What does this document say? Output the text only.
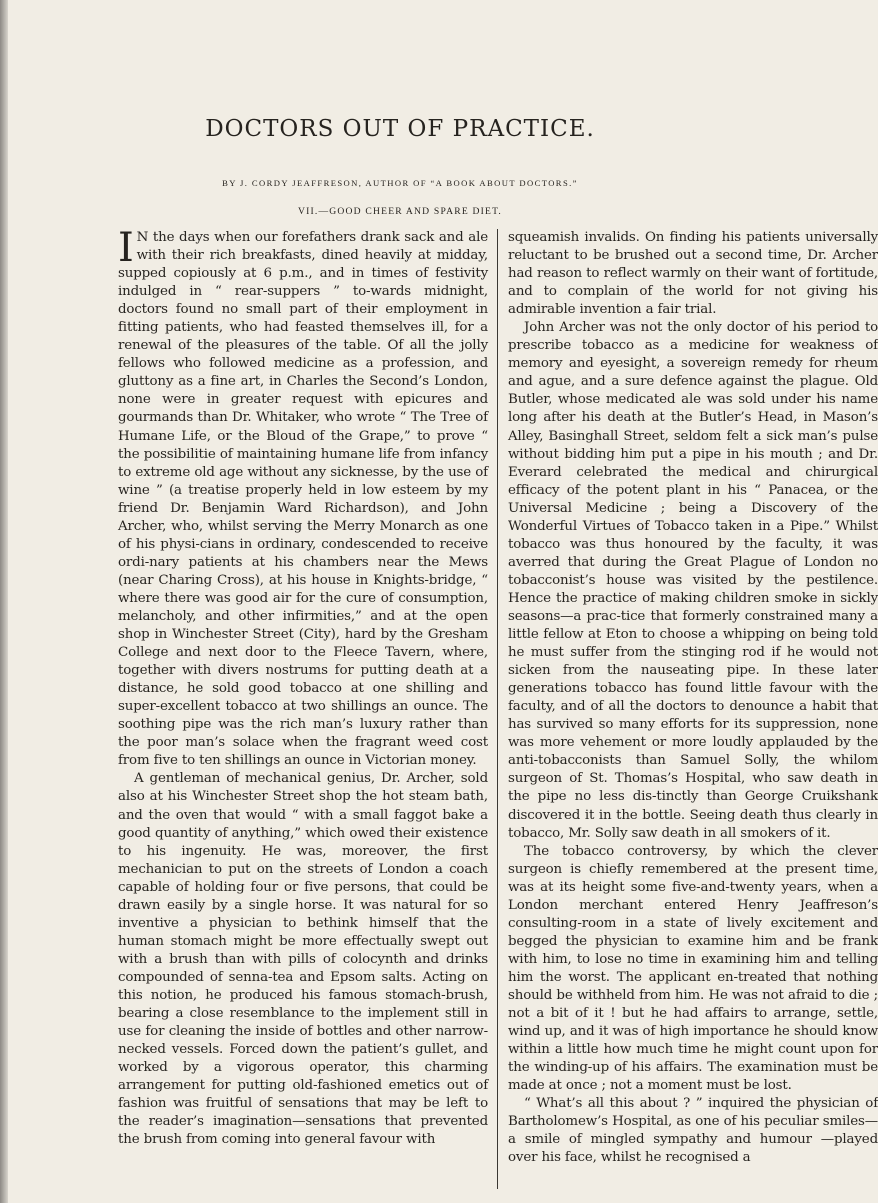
DOCTORS OUT OF PRACTICE.
BY J. CORDY JEAFFRESON, AUTHOR OF “A BOOK ABOUT DOCTORS.”
VII.—GOOD CHEER AND SPARE DIET.

I N the days when our forefathers drank sack and ale with their rich breakfasts, dined heavily at midday, supped copiously at 6 p.m., and in times of festivity indulged in “ rear-suppers ” to-wards midnight, doctors found no small part of their employment in fitting patients, who had feasted themselves ill, for a renewal of the pleasures of the table. Of all the jolly fellows who followed medicine as a profession, and gluttony as a fine art, in Charles the Second’s London, none were in greater request with epicures and gourmands than Dr. Whitaker, who wrote “ The Tree of Humane Life, or the Bloud of the Grape,” to prove “ the possibilitie of maintaining humane life from infancy to extreme old age without any sicknesse, by the use of wine ” (a treatise properly held in low esteem by my friend Dr. Benjamin Ward Richardson), and John Archer, who, whilst serving the Merry Monarch as one of his physi-cians in ordinary, condescended to receive ordi-nary patients at his chambers near the Mews (near Charing Cross), at his house in Knights-bridge, “ where there was good air for the cure of consumption, melancholy, and other infirmities,” and at the open shop in Winchester Street (City), hard by the Gresham College and next door to the Fleece Tavern, where, together with divers nostrums for putting death at a distance, he sold good tobacco at one shilling and super-excellent tobacco at two shillings an ounce. The soothing pipe was the rich man’s luxury rather than the poor man’s solace when the fragrant weed cost from five to ten shillings an ounce in Victorian money.

A gentleman of mechanical genius, Dr. Archer, sold also at his Winchester Street shop the hot steam bath, and the oven that would “ with a small faggot bake a good quantity of anything,” which owed their existence to his ingenuity. He was, moreover, the first mechanician to put on the streets of London a coach capable of holding four or five persons, that could be drawn easily by a single horse. It was natural for so inventive a physician to bethink himself that the human stomach might be more effectually swept out with a brush than with pills of colocynth and drinks compounded of senna-tea and Epsom salts. Acting on this notion, he produced his famous stomach-brush, bearing a close resemblance to the implement still in use for cleaning the inside of bottles and other narrow-necked vessels. Forced down the patient’s gullet, and worked by a vigorous operator, this charming arrangement for putting old-fashioned emetics out of fashion was fruitful of sensations that may be left to the reader’s imagination—sensations that prevented the brush from coming into general favour with

squeamish invalids. On finding his patients universally reluctant to be brushed out a second time, Dr. Archer had reason to reflect warmly on their want of fortitude, and to complain of the world for not giving his admirable invention a fair trial.

John Archer was not the only doctor of his period to prescribe tobacco as a medicine for weakness of memory and eyesight, a sovereign remedy for rheum and ague, and a sure defence against the plague. Old Butler, whose medicated ale was sold under his name long after his death at the Butler’s Head, in Mason’s Alley, Basinghall Street, seldom felt a sick man’s pulse without bidding him put a pipe in his mouth ; and Dr. Everard celebrated the medical and chirurgical efficacy of the potent plant in his “ Panacea, or the Universal Medicine ; being a Discovery of the Wonderful Virtues of Tobacco taken in a Pipe.” Whilst tobacco was thus honoured by the faculty, it was averred that during the Great Plague of London no tobacconist’s house was visited by the pestilence. Hence the practice of making children smoke in sickly seasons—a prac-tice that formerly constrained many a little fellow at Eton to choose a whipping on being told he must suffer from the stinging rod if he would not sicken from the nauseating pipe. In these later generations tobacco has found little favour with the faculty, and of all the doctors to denounce a habit that has survived so many efforts for its suppression, none was more vehement or more loudly applauded by the anti-tobacconists than Samuel Solly, the whilom surgeon of St. Thomas’s Hospital, who saw death in the pipe no less dis-tinctly than George Cruikshank discovered it in the bottle. Seeing death thus clearly in tobacco, Mr. Solly saw death in all smokers of it.

The tobacco controversy, by which the clever surgeon is chiefly remembered at the present time, was at its height some five-and-twenty years, when a London merchant entered Henry Jeaffreson’s consulting-room in a state of lively excitement and begged the physician to examine him and be frank with him, to lose no time in examining him and telling him the worst. The applicant en-treated that nothing should be withheld from him. He was not afraid to die ; not a bit of it ! but he had affairs to arrange, settle, wind up, and it was of high importance he should know within a little how much time he might count upon for the winding-up of his affairs. The examination must be made at once ; not a moment must be lost.

“ What’s all this about ? ” inquired the physician of Bartholomew’s Hospital, as one of his peculiar smiles—a smile of mingled sympathy and humour —played over his face, whilst he recognised a
